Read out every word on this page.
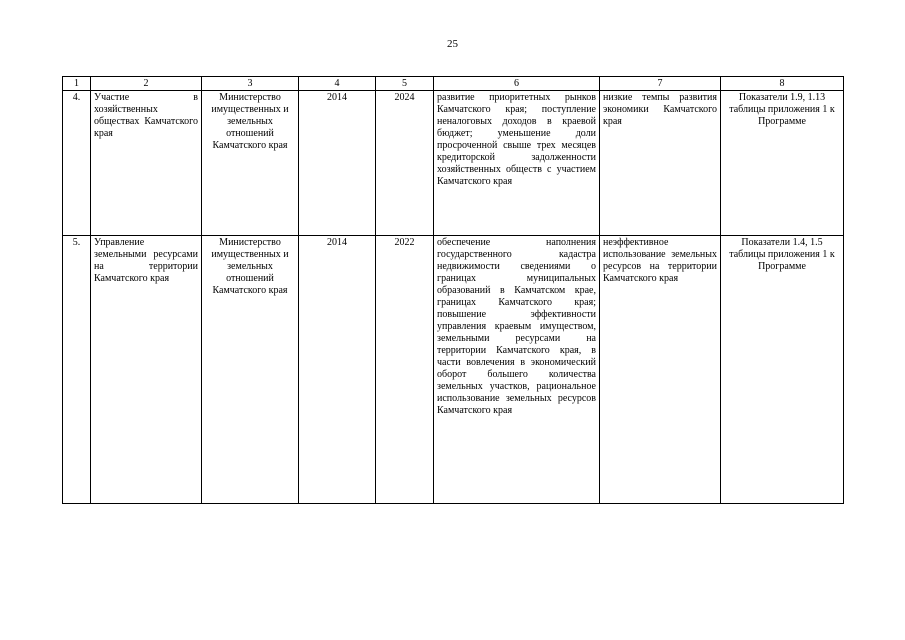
25
1	2	3	4	5	6	7	8
4.	Участие в хозяйственных обществах Камчатского края	Министерство имущественных и земельных отношений Камчатского края	2014	2024	развитие приоритетных рынков Камчатского края; поступление неналоговых доходов в краевой бюджет; уменьшение доли просроченной свыше трех месяцев кредиторской задолженности хозяйственных обществ с участием Камчатского края	низкие темпы развития экономики Камчатского края	Показатели 1.9, 1.13 таблицы приложения 1 к Программе
5.	Управление земельными ресурсами на территории Камчатского края	Министерство имущественных и земельных отношений Камчатского края	2014	2022	обеспечение наполнения государственного кадастра недвижимости сведениями о границах муниципальных образований в Камчатском крае, границах Камчатского края; повышение эффективности управления краевым имуществом, земельными ресурсами на территории Камчатского края, в части вовлечения в экономический оборот большего количества земельных участков, рациональное использование земельных ресурсов Камчатского края	неэффективное использование земельных ресурсов на территории Камчатского края	Показатели 1.4, 1.5 таблицы приложения 1 к Программе
